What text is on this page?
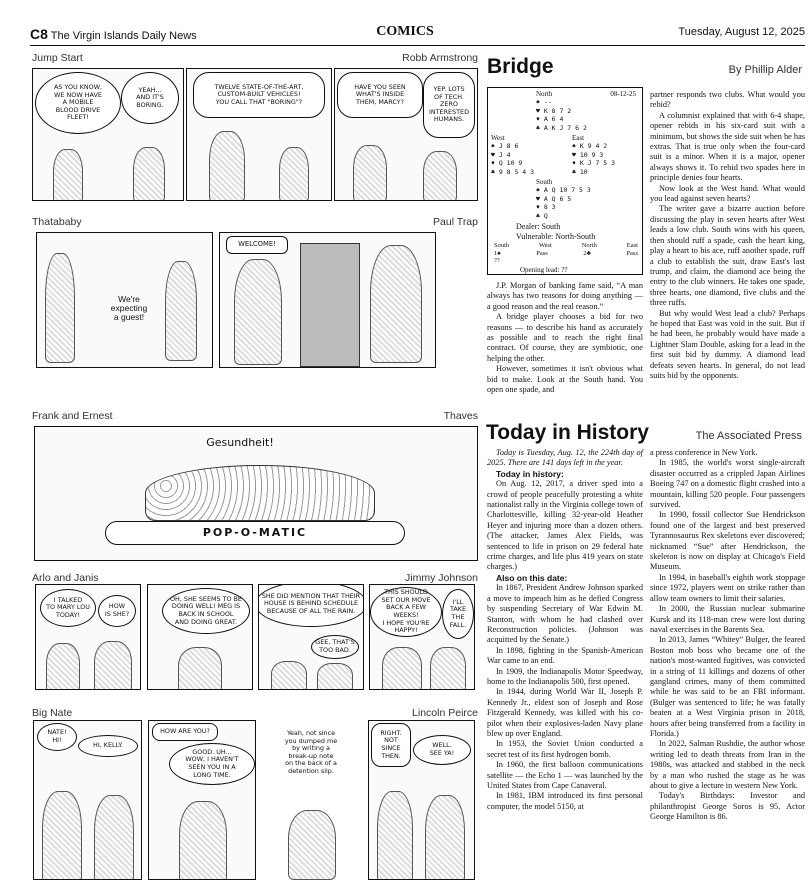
C8 The Virgin Islands Daily News	COMICS	Tuesday, August 12, 2025
Jump Start	Robb Armstrong
AS YOU KNOW,
WE NOW HAVE
A MOBILE
BLOOD DRIVE
FLEET!
YEAH...
AND IT'S
BORING.
TWELVE STATE-OF-THE-ART,
CUSTOM-BUILT VEHICLES!
YOU CALL THAT "BORING"?
HAVE YOU SEEN
WHAT'S INSIDE
THEM, MARCY?
YEP. LOTS
OF TECH.
ZERO
INTERESTED
HUMANS.
Thatababy	Paul Trap
We're
expecting
a guest!
WELCOME!
Frank and Ernest	Thaves
Gesundheit!
POP-O-MATIC
Arlo and Janis	Jimmy Johnson
I TALKED
TO MARY LOU
TODAY!
HOW
IS SHE?
OH, SHE SEEMS TO BE
DOING WELL! MEG IS
BACK IN SCHOOL
AND DOING GREAT.
SHE DID MENTION THAT THEIR
HOUSE IS BEHIND SCHEDULE
BECAUSE OF ALL THE RAIN.
GEE, THAT'S
TOO BAD.
THIS SHOULD
SET OUR MOVE
BACK A FEW WEEKS!
I HOPE YOU'RE
HAPPY!
I'LL
TAKE
THE
FALL.
Big Nate	Lincoln Peirce
NATE!
HI!
HI, KELLY.
HOW ARE YOU?
GOOD. UH...
WOW, I HAVEN'T
SEEN YOU IN A
LONG TIME.
Yeah, not since
you dumped me
by writing a
break-up note
on the back of a
detention slip.
RIGHT.
NOT
SINCE
THEN.
WELL.
SEE YA!
Bridge	By Phillip Alder
North
♠ --
♥ K 8 7 2
♦ A 6 4
♣ A K J 7 6 2
08-12-25
West
♠ J 8 6
♥ J 4
♦ Q 10 9
♣ 9 8 5 4 3
East
♠ K 9 4 2
♥ 10 9 3
♦ K J 7 5 3
♣ 10
South
♠ A Q 10 7 5 3
♥ A Q 6 5
♦ 8 3
♣ Q
Dealer: South
Vulnerable: North-South
South	West	North	East
1♠	Pass	2♣	Pass
??
Opening lead: ??

J.P. Morgan of banking fame said, “A man always has two reasons for doing anything — a good reason and the real reason.”

A bridge player chooses a bid for two reasons — to describe his hand as accurately as possible and to reach the right final contract. Of course, they are symbiotic, one helping the other.

However, sometimes it isn't obvious what bid to make. Look at the South hand. You open one spade, and

partner responds two clubs. What would you rebid?

A columnist explained that with 6-4 shape, opener rebids in his six-card suit with a minimum, but shows the side suit when he has extras. That is true only when the four-card suit is a minor. When it is a major, opener always shows it. To rebid two spades here in principle denies four hearts.

Now look at the West hand. What would you lead against seven hearts?

The writer gave a bizarre auction before discussing the play in seven hearts after West leads a low club. South wins with his queen, then should ruff a spade, cash the heart king, play a heart to his ace, ruff another spade, ruff a club to establish the suit, draw East's last trump, and claim, the diamond ace being the entry to the club winners. He takes one spade, three hearts, one diamond, five clubs and the three ruffs.

But why would West lead a club? Perhaps he hoped that East was void in the suit. But if he had been, he probably would have made a Lightner Slam Double, asking for a lead in the first suit bid by dummy. A diamond lead defeats seven hearts. In general, do not lead suits bid by the opponents.

Today in History	The Associated Press

Today is Tuesday, Aug. 12, the 224th day of 2025. There are 141 days left in the year.

Today in history:

On Aug. 12, 2017, a driver sped into a crowd of people peacefully protesting a white nationalist rally in the Virginia college town of Charlottesville, killing 32-year-old Heather Heyer and injuring more than a dozen others. (The attacker, James Alex Fields, was sentenced to life in prison on 29 federal hate crime charges, and life plus 419 years on state charges.)

Also on this date:

In 1867, President Andrew Johnson sparked a move to impeach him as he defied Congress by suspending Secretary of War Edwin M. Stanton, with whom he had clashed over Reconstruction policies. (Johnson was acquitted by the Senate.)

In 1898, fighting in the Spanish-American War came to an end.

In 1909, the Indianapolis Motor Speedway, home to the Indianapolis 500, first opened.

In 1944, during World War II, Joseph P. Kennedy Jr., eldest son of Joseph and Rose Fitzgerald Kennedy, was killed with his co-pilot when their explosives-laden Navy plane blew up over England.

In 1953, the Soviet Union conducted a secret test of its first hydrogen bomb.

In 1960, the first balloon communications satellite — the Echo 1 — was launched by the United States from Cape Canaveral.

In 1981, IBM introduced its first personal computer, the model 5150, at

a press conference in New York.

In 1985, the world's worst single-aircraft disaster occurred as a crippled Japan Airlines Boeing 747 on a domestic flight crashed into a mountain, killing 520 people. Four passengers survived.

In 1990, fossil collector Sue Hendrickson found one of the largest and best preserved Tyrannosaurus Rex skeletons ever discovered; nicknamed “Sue” after Hendrickson, the skeleton is now on display at Chicago's Field Museum.

In 1994, in baseball's eighth work stoppage since 1972, players went on strike rather than allow team owners to limit their salaries.

In 2000, the Russian nuclear submarine Kursk and its 118-man crew were lost during naval exercises in the Barents Sea.

In 2013, James “Whitey” Bulger, the feared Boston mob boss who became one of the nation's most-wanted fugitives, was convicted in a string of 11 killings and dozens of other gangland crimes, many of them committed while he was said to be an FBI informant. (Bulger was sentenced to life; he was fatally beaten at a West Virginia prison in 2018, hours after being transferred from a facility in Florida.)

In 2022, Salman Rushdie, the author whose writing led to death threats from Iran in the 1980s, was attacked and stabbed in the neck by a man who rushed the stage as he was about to give a lecture in western New York.

Today's Birthdays: Investor and philanthropist George Soros is 95. Actor George Hamilton is 86.
